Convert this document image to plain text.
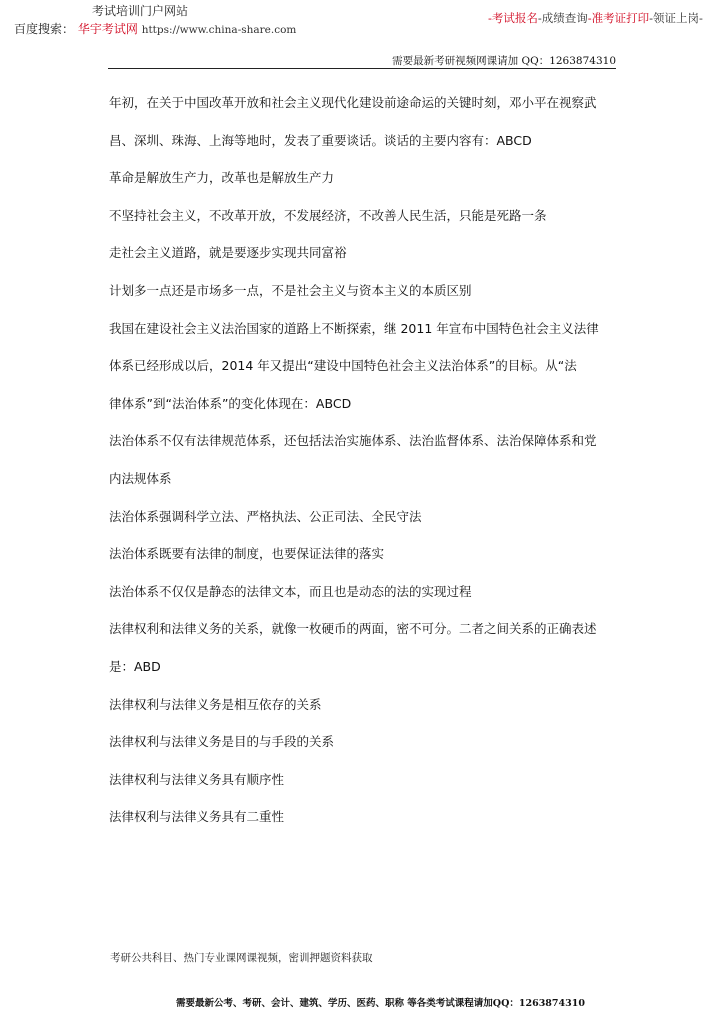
考试培训门户网站
百度搜索： 华宇考试网 https://www.china-share.com
-考试报名-成绩查询-准考证打印-领证上岗-
需要最新考研视频网课请加 QQ：1263874310
年初，在关于中国改革开放和社会主义现代化建设前途命运的关键时刻，邓小平在视察武
昌、深圳、珠海、上海等地时，发表了重要谈话。谈话的主要内容有：ABCD
革命是解放生产力，改革也是解放生产力
不坚持社会主义，不改革开放，不发展经济，不改善人民生活，只能是死路一条
走社会主义道路，就是要逐步实现共同富裕
计划多一点还是市场多一点，不是社会主义与资本主义的本质区别
我国在建设社会主义法治国家的道路上不断探索，继 2011 年宣布中国特色社会主义法律
体系已经形成以后，2014 年又提出“建设中国特色社会主义法治体系”的目标。从“法
律体系”到“法治体系”的变化体现在：ABCD
法治体系不仅有法律规范体系，还包括法治实施体系、法治监督体系、法治保障体系和党
内法规体系
法治体系强调科学立法、严格执法、公正司法、全民守法
法治体系既要有法律的制度，也要保证法律的落实
法治体系不仅仅是静态的法律文本，而且也是动态的法的实现过程
法律权利和法律义务的关系，就像一枚硬币的两面，密不可分。二者之间关系的正确表述
是：ABD
法律权利与法律义务是相互依存的关系
法律权利与法律义务是目的与手段的关系
法律权利与法律义务具有顺序性
法律权利与法律义务具有二重性
考研公共科目、热门专业课网课视频，密训押题资料获取
需要最新公考、考研、会计、建筑、学历、医药、职称 等各类考试课程请加QQ：1263874310
